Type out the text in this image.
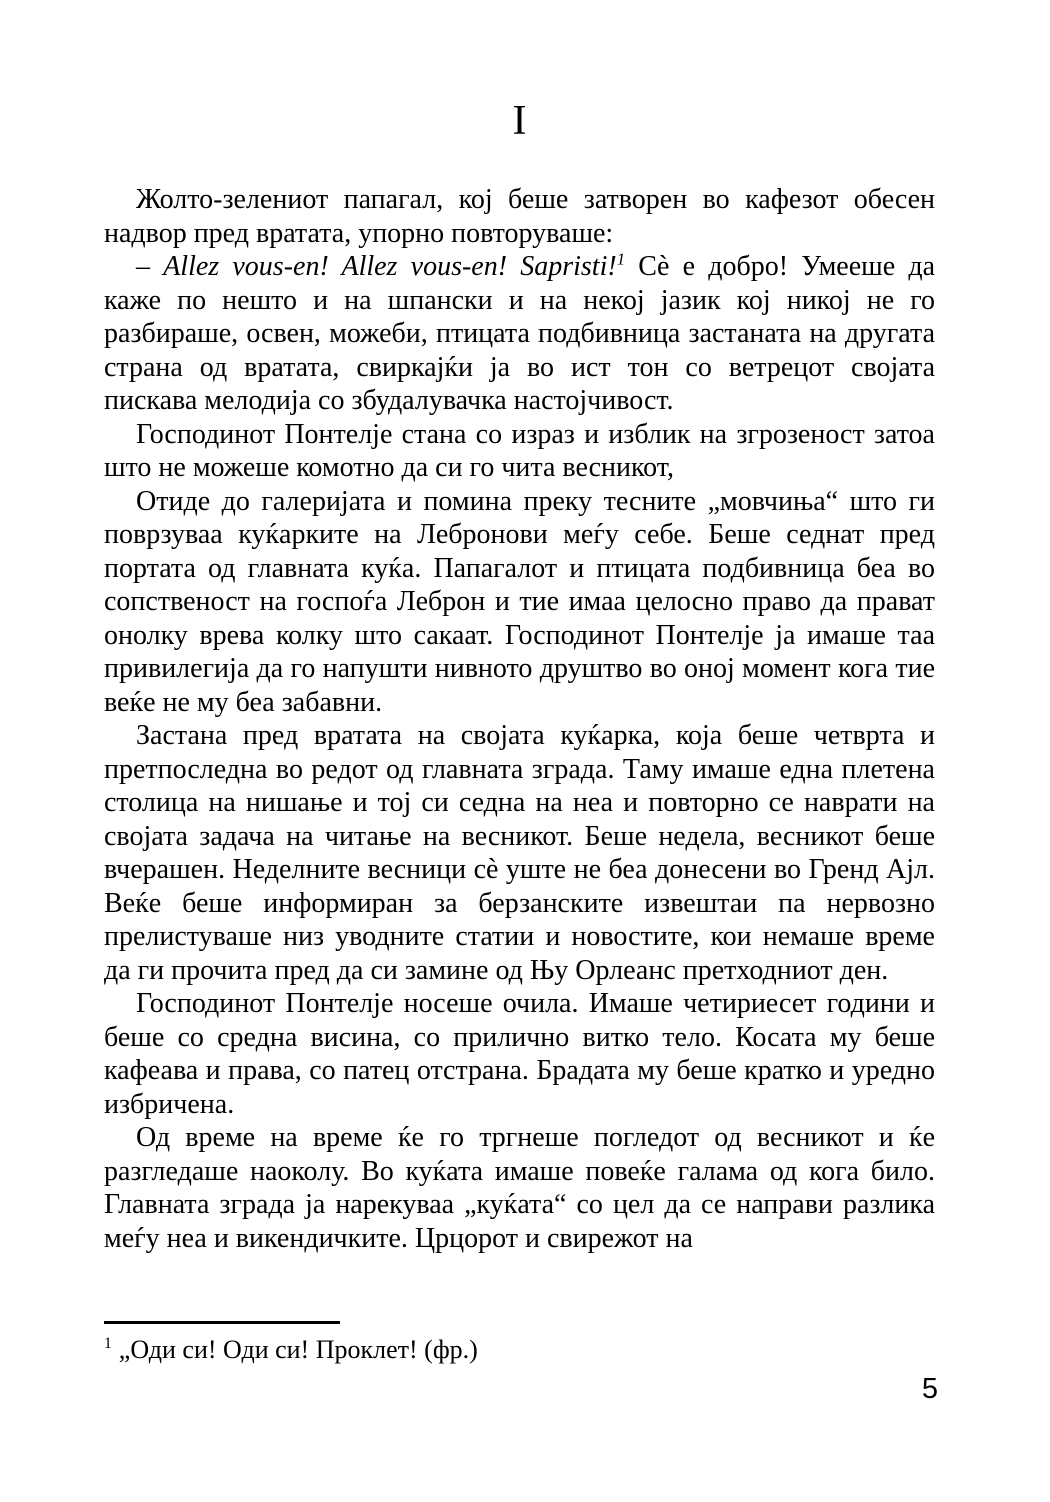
I

Жолто-зелениот папагал, кој беше затворен во кафезот обесен надвор пред вратата, упорно повторуваше:

– Allez vous-en! Allez vous-en! Sapristi!$^1$ Сè е добро! Умееше да каже по нешто и на шпански и на некој јазик кој никој не го разбираше, освен, можеби, птицата подбивница застаната на другата страна од вратата, свиркајќи ја во ист тон со ветрецот својата пискава мелодија со збудалувачка настојчивост.

Господинот Понтелје стана со израз и изблик на згрозеност затоа што не можеше комотно да си го чита весникот,

Отиде до галеријата и помина преку тесните „мовчиња“ што ги поврзуваа куќарките на Лебронови меѓу себе. Беше седнат пред портата од главната куќа. Папагалот и птицата подбивница беа во сопственост на госпоѓа Леброн и тие имаа целосно право да прават онолку врева колку што сакаат. Господинот Понтелје ја имаше таа привилегија да го напушти нивното друштво во оној момент кога тие веќе не му беа забавни.

Застана пред вратата на својата куќарка, која беше четврта и претпоследна во редот од главната зграда. Таму имаше една плетена столица на нишање и тој си седна на неа и повторно се наврати на својата задача на читање на весникот. Беше недела, весникот беше вчерашен. Неделните весници сè уште не беа донесени во Гренд Ајл. Веќе беше информиран за берзанските извештаи па нервозно прелистуваше низ уводните статии и новостите, кои немаше време да ги прочита пред да си замине од Њу Орлеанс претходниот ден.

Господинот Понтелје носеше очила. Имаше четириесет години и беше со средна висина, со прилично витко тело. Косата му беше кафеава и права, со патец отстрана. Брадата му беше кратко и уредно избричена.

Од време на време ќе го тргнеше погледот од весникот и ќе разгледаше наоколу. Во куќата имаше повеќе галама од кога било. Главната зграда ја нарекуваа „куќата“ со цел да се направи разлика меѓу неа и викендичките. Црцорот и свирежот на

$^1$ „Оди си! Оди си! Проклет! (фр.)

5
